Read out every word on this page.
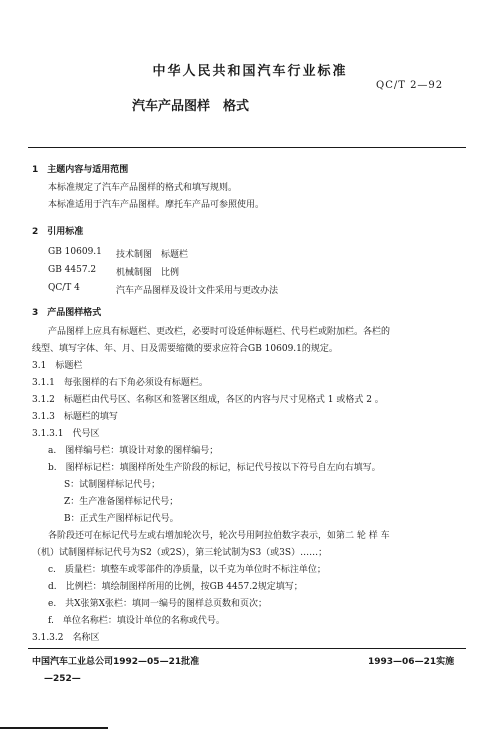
中华人民共和国汽车行业标准
QC/T 2—92
汽车产品图样　格式
1　主题内容与适用范围
本标准规定了汽车产品图样的格式和填写规则。
本标准适用于汽车产品图样。摩托车产品可参照使用。
2　引用标准
GB 10609.1 技术制图　标题栏
GB 4457.2 机械制图　比例
QC/T 4	汽车产品图样及设计文件采用与更改办法
3　产品图样格式
产品图样上应具有标题栏、更改栏，必要时可设延伸标题栏、代号栏或附加栏。各栏的
线型、填写字体、年、月、日及需要缩微的要求应符合GB 10609.1的规定。
3.1　标题栏
3.1.1　每张图样的右下角必须设有标题栏。
3.1.2　标题栏由代号区、名称区和签署区组成，各区的内容与尺寸见格式 1 或格式 2 。
3.1.3　标题栏的填写
3.1.3.1　代号区
a.　图样编号栏：填设计对象的图样编号；
b.　图样标记栏：填图样所处生产阶段的标记，标记代号按以下符号自左向右填写。
S：试制图样标记代号；
Z：生产准备图样标记代号；
B：正式生产图样标记代号。
各阶段还可在标记代号左或右增加轮次号，轮次号用阿拉伯数字表示，如第二 轮 样 车
（机）试制图样标记代号为S2（或2S），第三轮试制为S3（或3S）……；
c.　质量栏：填整车或零部件的净质量，以千克为单位时不标注单位；
d.　比例栏：填绘制图样所用的比例，按GB 4457.2规定填写；
e.　共X张第X张栏：填同一编号的图样总页数和页次；
f.　单位名称栏：填设计单位的名称或代号。
3.1.3.2　名称区
中国汽车工业总公司1992—05—21批准	1993—06—21实施
—252—
